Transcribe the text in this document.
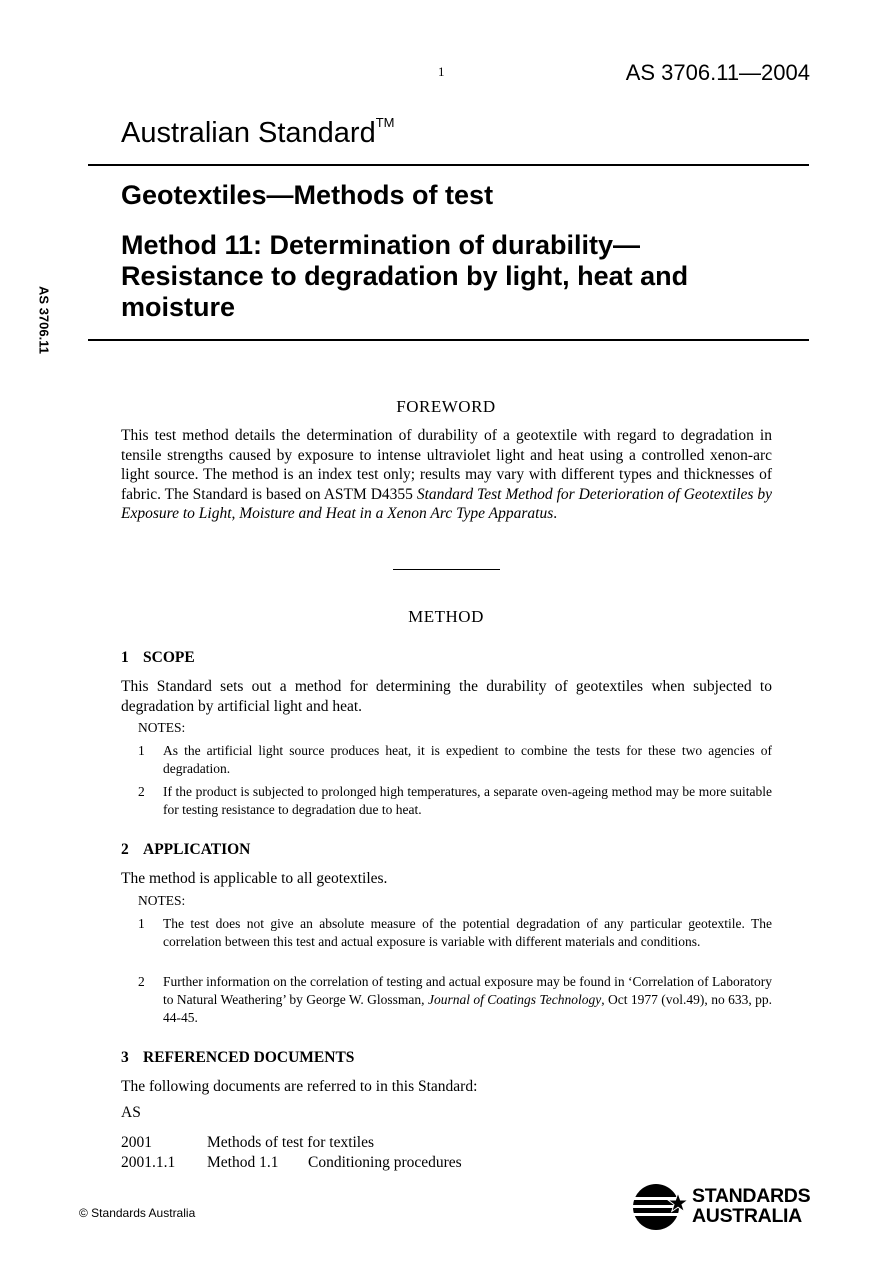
1	AS 3706.11—2004
AS 3706.11
Australian Standard™
Geotextiles—Methods of test
Method 11: Determination of durability—Resistance to degradation by light, heat and moisture
FOREWORD
This test method details the determination of durability of a geotextile with regard to degradation in tensile strengths caused by exposure to intense ultraviolet light and heat using a controlled xenon-arc light source. The method is an index test only; results may vary with different types and thicknesses of fabric. The Standard is based on ASTM D4355 Standard Test Method for Deterioration of Geotextiles by Exposure to Light, Moisture and Heat in a Xenon Arc Type Apparatus.
METHOD
1 SCOPE
This Standard sets out a method for determining the durability of geotextiles when subjected to degradation by artificial light and heat.
NOTES:
1 As the artificial light source produces heat, it is expedient to combine the tests for these two agencies of degradation.
2 If the product is subjected to prolonged high temperatures, a separate oven-ageing method may be more suitable for testing resistance to degradation due to heat.
2 APPLICATION
The method is applicable to all geotextiles.
NOTES:
1 The test does not give an absolute measure of the potential degradation of any particular geotextile. The correlation between this test and actual exposure is variable with different materials and conditions.
2 Further information on the correlation of testing and actual exposure may be found in ‘Correlation of Laboratory to Natural Weathering’ by George W. Glossman, Journal of Coatings Technology, Oct 1977 (vol.49), no 633, pp. 44-45.
3 REFERENCED DOCUMENTS
The following documents are referred to in this Standard:
AS
2001	Methods of test for textiles
2001.1.1 Method 1.1 Conditioning procedures
© Standards Australia
STANDARDS
AUSTRALIA
